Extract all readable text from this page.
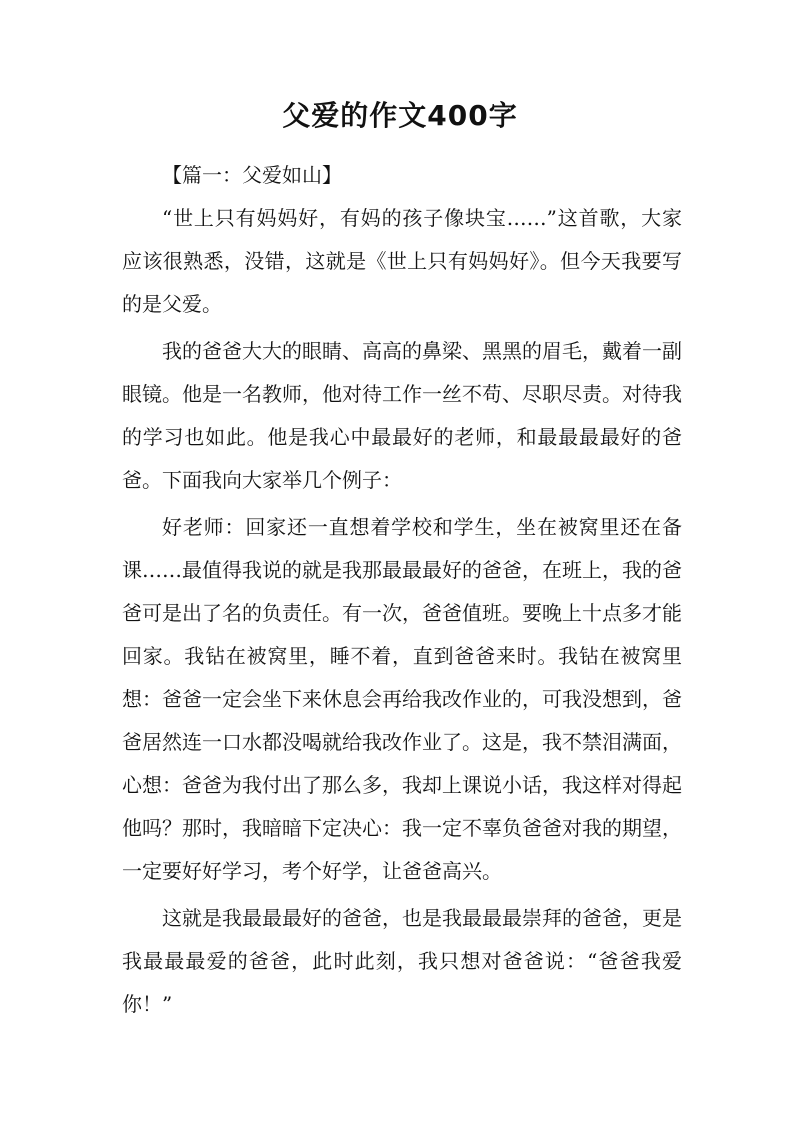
父爱的作文400字

【篇一：父爱如山】

“世上只有妈妈好，有妈的孩子像块宝……”这首歌，大家应该很熟悉，没错，这就是《世上只有妈妈好》。但今天我要写的是父爱。

我的爸爸大大的眼睛、高高的鼻梁、黑黑的眉毛，戴着一副眼镜。他是一名教师，他对待工作一丝不苟、尽职尽责。对待我的学习也如此。他是我心中最最好的老师，和最最最最好的爸爸。下面我向大家举几个例子：

好老师：回家还一直想着学校和学生，坐在被窝里还在备课……最值得我说的就是我那最最最好的爸爸，在班上，我的爸爸可是出了名的负责任。有一次，爸爸值班。要晚上十点多才能回家。我钻在被窝里，睡不着，直到爸爸来时。我钻在被窝里想：爸爸一定会坐下来休息会再给我改作业的，可我没想到，爸爸居然连一口水都没喝就给我改作业了。这是，我不禁泪满面，心想：爸爸为我付出了那么多，我却上课说小话，我这样对得起他吗？那时，我暗暗下定决心：我一定不辜负爸爸对我的期望，一定要好好学习，考个好学，让爸爸高兴。

这就是我最最最好的爸爸，也是我最最最崇拜的爸爸，更是我最最最爱的爸爸，此时此刻，我只想对爸爸说：“爸爸我爱你！”
